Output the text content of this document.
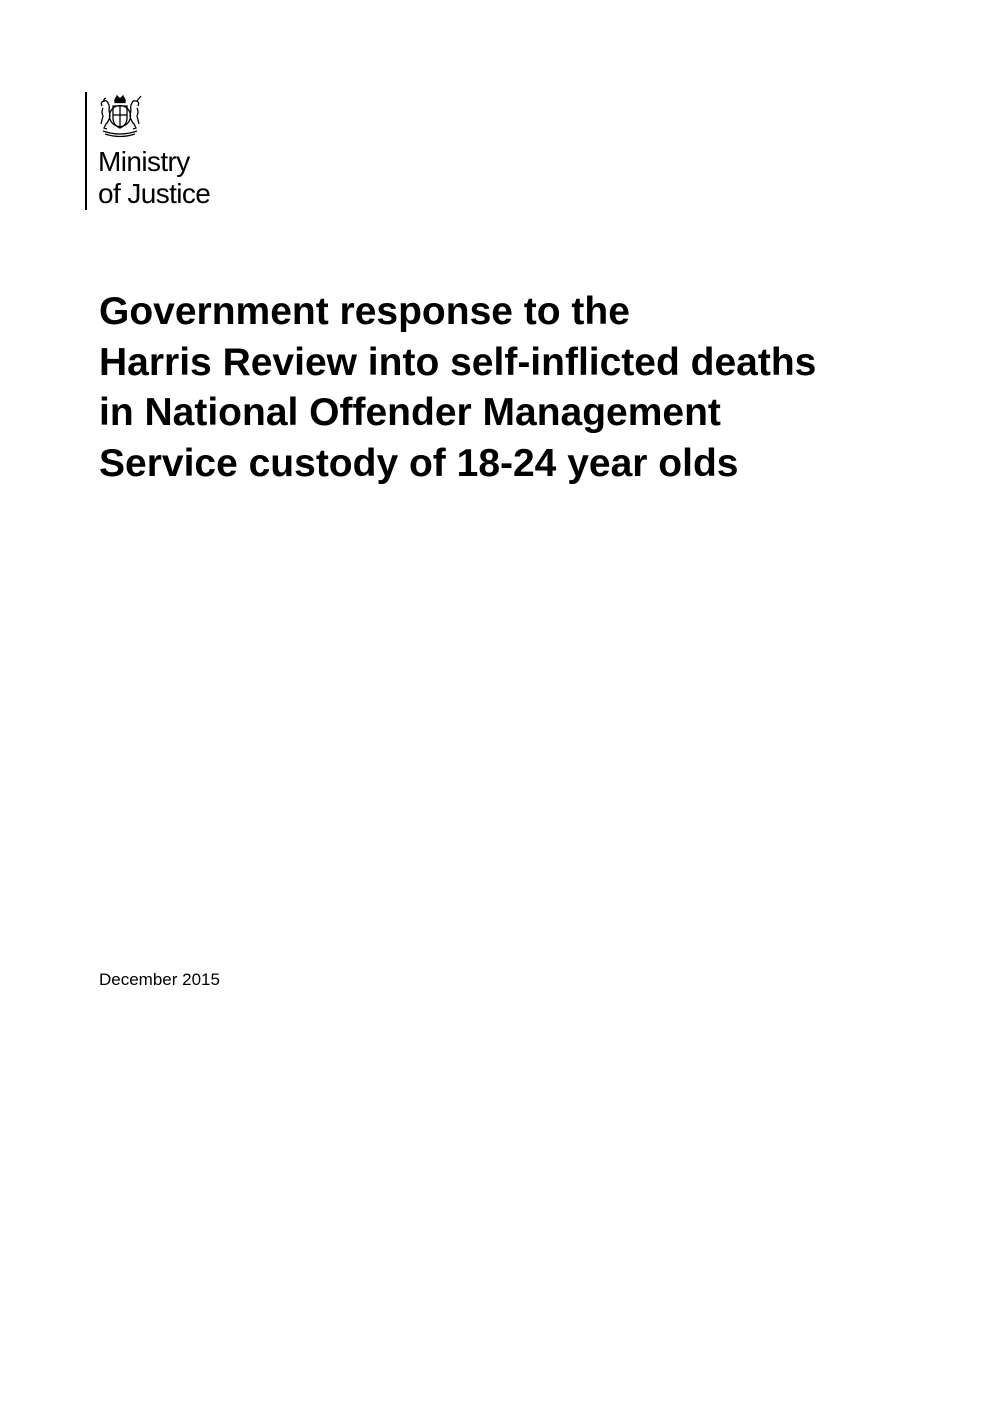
Ministry
of Justice
Government response to the
Harris Review into self-inflicted deaths
in National Offender Management
Service custody of 18-24 year olds
December 2015
